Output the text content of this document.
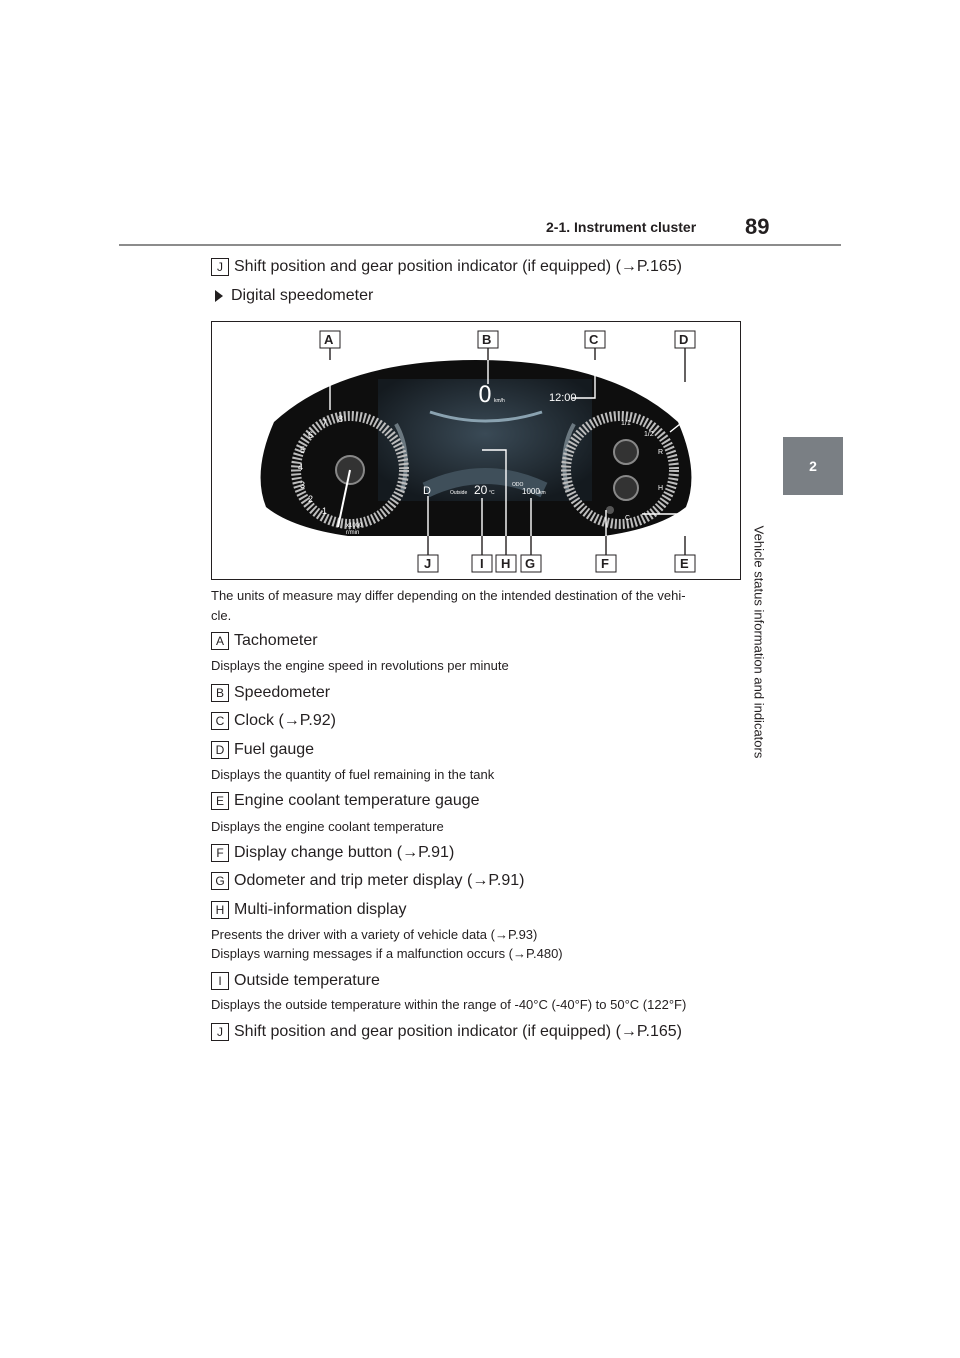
2-1. Instrument cluster 89
2
Vehicle status information and indicators
J Shift position and gear position indicator (if equipped) (→P.165)
Digital speedometer
1
2
3
4
5
6
7 8
x1000
r/min
1/1
1/2
R
H
C
0 km/h	12:00
D	Outside 20 °C
ODO
1000 km
A	B	C	D
J	I H G	F	E
The units of measure may differ depending on the intended destination of the vehi-
cle.
A Tachometer
Displays the engine speed in revolutions per minute
B Speedometer
C Clock (→P.92)
D Fuel gauge
Displays the quantity of fuel remaining in the tank
E Engine coolant temperature gauge
Displays the engine coolant temperature
F Display change button (→P.91)
G Odometer and trip meter display (→P.91)
H Multi-information display
Presents the driver with a variety of vehicle data (→P.93)
Displays warning messages if a malfunction occurs (→P.480)
I Outside temperature
Displays the outside temperature within the range of -40°C (-40°F) to 50°C (122°F)
J Shift position and gear position indicator (if equipped) (→P.165)
